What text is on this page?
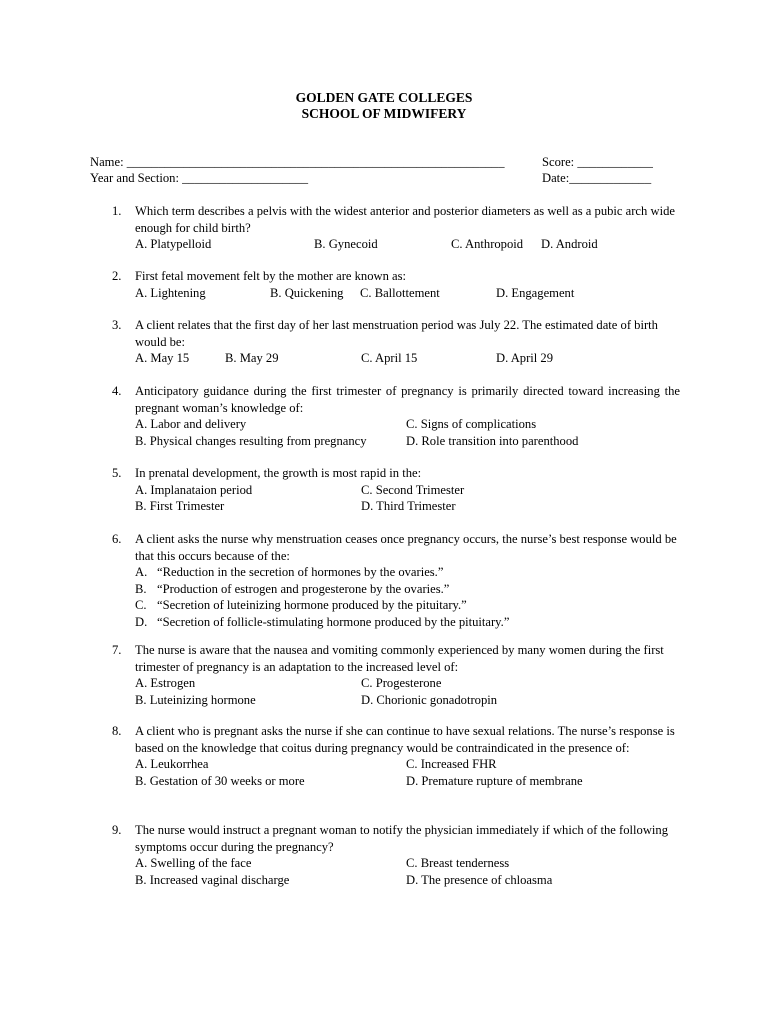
GOLDEN GATE COLLEGES
SCHOOL OF MIDWIFERY
Name: ____________________________________________________________	Score: ____________
Year and Section: ____________________	Date:_____________
1. Which term describes a pelvis with the widest anterior and posterior diameters as well as a pubic arch wide enough for child birth?
A. Platypelloid	B. Gynecoid	C. Anthropoid D. Android
2. First fetal movement felt by the mother are known as:
A. Lightening	B. Quickening C. Ballottement	D. Engagement
3. A client relates that the first day of her last menstruation period was July 22. The estimated date of birth would be:
A. May 15	B. May 29	C. April 15	D. April 29
4. Anticipatory guidance during the first trimester of pregnancy is primarily directed toward increasing the pregnant woman’s knowledge of:
A. Labor and delivery	C. Signs of complications
B. Physical changes resulting from pregnancy	D. Role transition into parenthood
5. In prenatal development, the growth is most rapid in the:
A. Implanataion period	C. Second Trimester
B. First Trimester	D. Third Trimester
6. A client asks the nurse why menstruation ceases once pregnancy occurs, the nurse’s best response would be that this occurs because of the:
A. “Reduction in the secretion of hormones by the ovaries.”
B. “Production of estrogen and progesterone by the ovaries.”
C. “Secretion of luteinizing hormone produced by the pituitary.”
D. “Secretion of follicle-stimulating hormone produced by the pituitary.”
7. The nurse is aware that the nausea and vomiting commonly experienced by many women during the first trimester of pregnancy is an adaptation to the increased level of:
A. Estrogen	C. Progesterone
B. Luteinizing hormone	D. Chorionic gonadotropin
8. A client who is pregnant asks the nurse if she can continue to have sexual relations. The nurse’s response is based on the knowledge that coitus during pregnancy would be contraindicated in the presence of:
A. Leukorrhea	C. Increased FHR
B. Gestation of 30 weeks or more	D. Premature rupture of membrane
9. The nurse would instruct a pregnant woman to notify the physician immediately if which of the following symptoms occur during the pregnancy?
A. Swelling of the face	C. Breast tenderness
B. Increased vaginal discharge	D. The presence of chloasma
